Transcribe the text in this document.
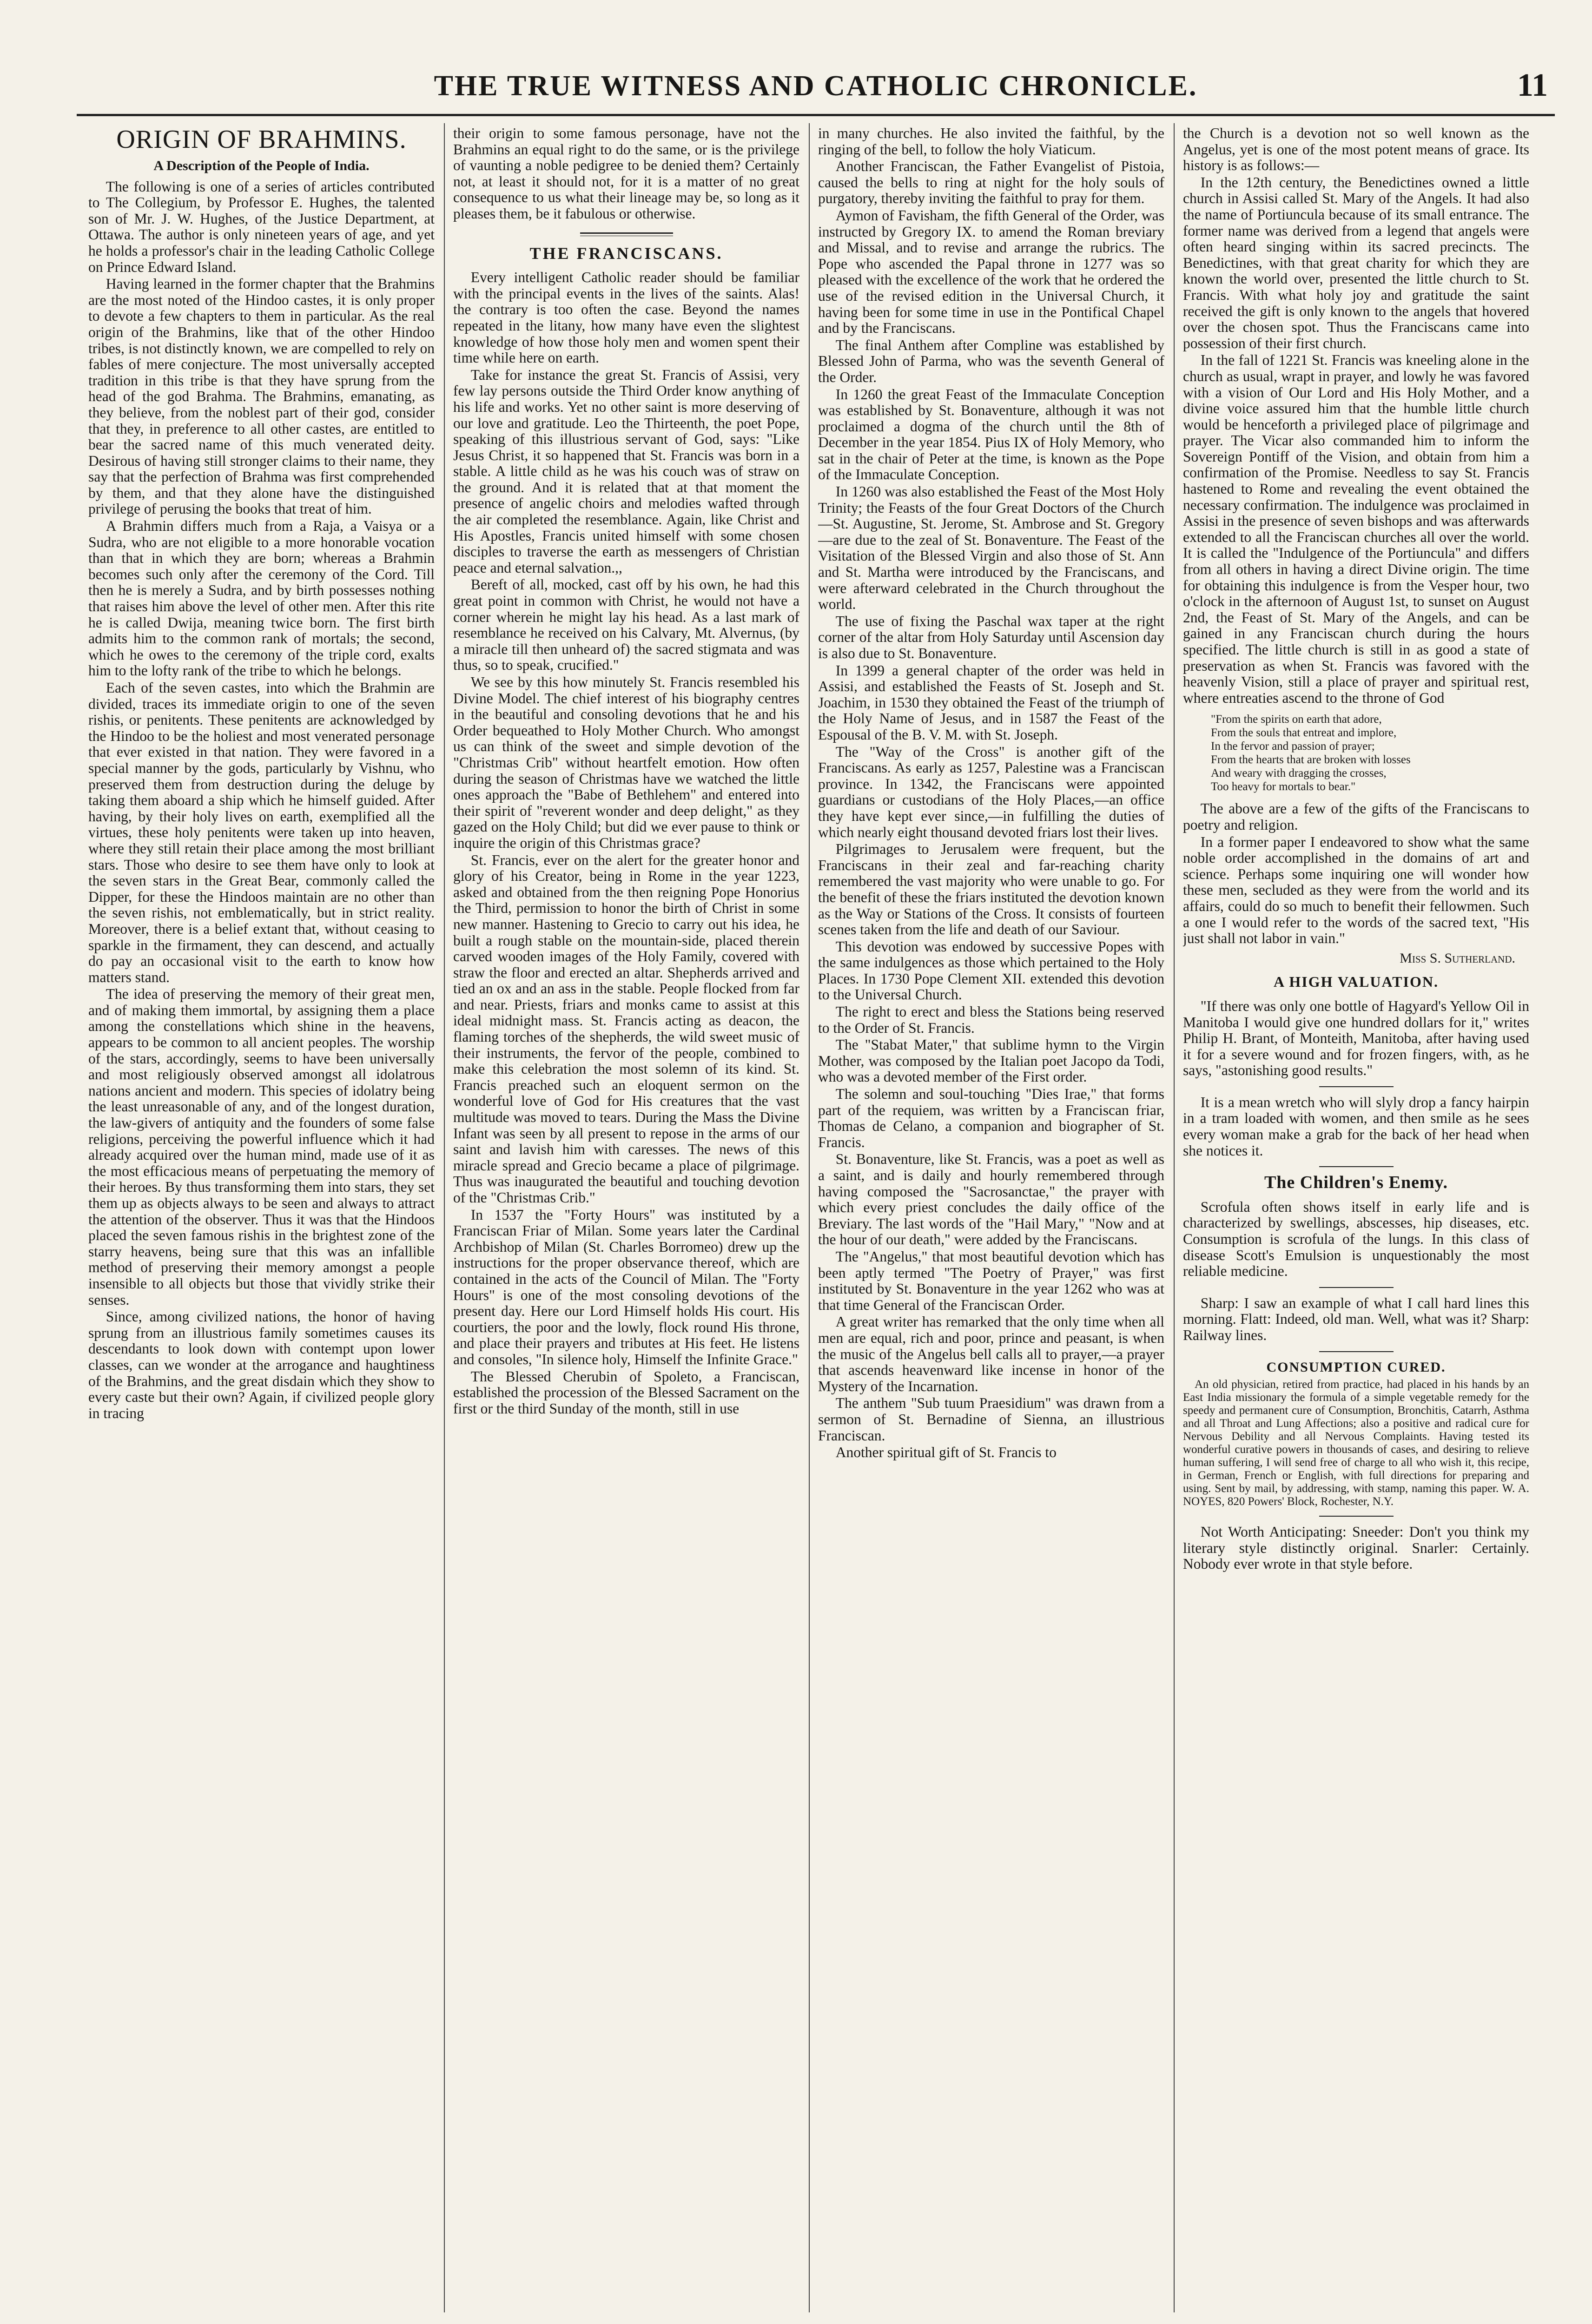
THE TRUE WITNESS AND CATHOLIC CHRONICLE.	11
ORIGIN OF BRAHMINS.
A Description of the People of India.

The following is one of a series of articles contributed to The Collegium, by Professor E. Hughes, the talented son of Mr. J. W. Hughes, of the Justice Department, at Ottawa. The author is only nineteen years of age, and yet he holds a professor's chair in the leading Catholic College on Prince Edward Island.

Having learned in the former chapter that the Brahmins are the most noted of the Hindoo castes, it is only proper to devote a few chapters to them in particular. As the real origin of the Brahmins, like that of the other Hindoo tribes, is not distinctly known, we are compelled to rely on fables of mere conjecture. The most universally accepted tradition in this tribe is that they have sprung from the head of the god Brahma. The Brahmins, emanating, as they believe, from the noblest part of their god, consider that they, in preference to all other castes, are entitled to bear the sacred name of this much venerated deity. Desirous of having still stronger claims to their name, they say that the perfection of Brahma was first comprehended by them, and that they alone have the distinguished privilege of perusing the books that treat of him.

A Brahmin differs much from a Raja, a Vaisya or a Sudra, who are not eligible to a more honorable vocation than that in which they are born; whereas a Brahmin becomes such only after the ceremony of the Cord. Till then he is merely a Sudra, and by birth possesses nothing that raises him above the level of other men. After this rite he is called Dwija, meaning twice born. The first birth admits him to the common rank of mortals; the second, which he owes to the ceremony of the triple cord, exalts him to the lofty rank of the tribe to which he belongs.

Each of the seven castes, into which the Brahmin are divided, traces its immediate origin to one of the seven rishis, or penitents. These penitents are acknowledged by the Hindoo to be the holiest and most venerated personage that ever existed in that nation. They were favored in a special manner by the gods, particularly by Vishnu, who preserved them from destruction during the deluge by taking them aboard a ship which he himself guided. After having, by their holy lives on earth, exemplified all the virtues, these holy penitents were taken up into heaven, where they still retain their place among the most brilliant stars. Those who desire to see them have only to look at the seven stars in the Great Bear, commonly called the Dipper, for these the Hindoos maintain are no other than the seven rishis, not emblematically, but in strict reality. Moreover, there is a belief extant that, without ceasing to sparkle in the firmament, they can descend, and actually do pay an occasional visit to the earth to know how matters stand.

The idea of preserving the memory of their great men, and of making them immortal, by assigning them a place among the constellations which shine in the heavens, appears to be common to all ancient peoples. The worship of the stars, accordingly, seems to have been universally and most religiously observed amongst all idolatrous nations ancient and modern. This species of idolatry being the least unreasonable of any, and of the longest duration, the law-givers of antiquity and the founders of some false religions, perceiving the powerful influence which it had already acquired over the human mind, made use of it as the most efficacious means of perpetuating the memory of their heroes. By thus transforming them into stars, they set them up as objects always to be seen and always to attract the attention of the observer. Thus it was that the Hindoos placed the seven famous rishis in the brightest zone of the starry heavens, being sure that this was an infallible method of preserving their memory amongst a people insensible to all objects but those that vividly strike their senses.

Since, among civilized nations, the honor of having sprung from an illustrious family sometimes causes its descendants to look down with contempt upon lower classes, can we wonder at the arrogance and haughtiness of the Brahmins, and the great disdain which they show to every caste but their own? Again, if civilized people glory in tracing

their origin to some famous personage, have not the Brahmins an equal right to do the same, or is the privilege of vaunting a noble pedigree to be denied them? Certainly not, at least it should not, for it is a matter of no great consequence to us what their lineage may be, so long as it pleases them, be it fabulous or otherwise.

THE FRANCISCANS.

Every intelligent Catholic reader should be familiar with the principal events in the lives of the saints. Alas! the contrary is too often the case. Beyond the names repeated in the litany, how many have even the slightest knowledge of how those holy men and women spent their time while here on earth.

Take for instance the great St. Francis of Assisi, very few lay persons outside the Third Order know anything of his life and works. Yet no other saint is more deserving of our love and gratitude. Leo the Thirteenth, the poet Pope, speaking of this illustrious servant of God, says: "Like Jesus Christ, it so happened that St. Francis was born in a stable. A little child as he was his couch was of straw on the ground. And it is related that at that moment the presence of angelic choirs and melodies wafted through the air completed the resemblance. Again, like Christ and His Apostles, Francis united himself with some chosen disciples to traverse the earth as messengers of Christian peace and eternal salvation.,,

Bereft of all, mocked, cast off by his own, he had this great point in common with Christ, he would not have a corner wherein he might lay his head. As a last mark of resemblance he received on his Calvary, Mt. Alvernus, (by a miracle till then unheard of) the sacred stigmata and was thus, so to speak, crucified."

We see by this how minutely St. Francis resembled his Divine Model. The chief interest of his biography centres in the beautiful and consoling devotions that he and his Order bequeathed to Holy Mother Church. Who amongst us can think of the sweet and simple devotion of the "Christmas Crib" without heartfelt emotion. How often during the season of Christmas have we watched the little ones approach the "Babe of Bethlehem" and entered into their spirit of "reverent wonder and deep delight," as they gazed on the Holy Child; but did we ever pause to think or inquire the origin of this Christmas grace?

St. Francis, ever on the alert for the greater honor and glory of his Creator, being in Rome in the year 1223, asked and obtained from the then reigning Pope Honorius the Third, permission to honor the birth of Christ in some new manner. Hastening to Grecio to carry out his idea, he built a rough stable on the mountain-side, placed therein carved wooden images of the Holy Family, covered with straw the floor and erected an altar. Shepherds arrived and tied an ox and an ass in the stable. People flocked from far and near. Priests, friars and monks came to assist at this ideal midnight mass. St. Francis acting as deacon, the flaming torches of the shepherds, the wild sweet music of their instruments, the fervor of the people, combined to make this celebration the most solemn of its kind. St. Francis preached such an eloquent sermon on the wonderful love of God for His creatures that the vast multitude was moved to tears. During the Mass the Divine Infant was seen by all present to repose in the arms of our saint and lavish him with caresses. The news of this miracle spread and Grecio became a place of pilgrimage. Thus was inaugurated the beautiful and touching devotion of the "Christmas Crib."

In 1537 the "Forty Hours" was instituted by a Franciscan Friar of Milan. Some years later the Cardinal Archbishop of Milan (St. Charles Borromeo) drew up the instructions for the proper observance thereof, which are contained in the acts of the Council of Milan. The "Forty Hours" is one of the most consoling devotions of the present day. Here our Lord Himself holds His court. His courtiers, the poor and the lowly, flock round His throne, and place their prayers and tributes at His feet. He listens and consoles, "In silence holy, Himself the Infinite Grace."

The Blessed Cherubin of Spoleto, a Franciscan, established the procession of the Blessed Sacrament on the first or the third Sunday of the month, still in use

in many churches. He also invited the faithful, by the ringing of the bell, to follow the holy Viaticum.

Another Franciscan, the Father Evangelist of Pistoia, caused the bells to ring at night for the holy souls of purgatory, thereby inviting the faithful to pray for them.

Aymon of Favisham, the fifth General of the Order, was instructed by Gregory IX. to amend the Roman breviary and Missal, and to revise and arrange the rubrics. The Pope who ascended the Papal throne in 1277 was so pleased with the excellence of the work that he ordered the use of the revised edition in the Universal Church, it having been for some time in use in the Pontifical Chapel and by the Franciscans.

The final Anthem after Compline was established by Blessed John of Parma, who was the seventh General of the Order.

In 1260 the great Feast of the Immaculate Conception was established by St. Bonaventure, although it was not proclaimed a dogma of the church until the 8th of December in the year 1854. Pius IX of Holy Memory, who sat in the chair of Peter at the time, is known as the Pope of the Immaculate Conception.

In 1260 was also established the Feast of the Most Holy Trinity; the Feasts of the four Great Doctors of the Church—St. Augustine, St. Jerome, St. Ambrose and St. Gregory—are due to the zeal of St. Bonaventure. The Feast of the Visitation of the Blessed Virgin and also those of St. Ann and St. Martha were introduced by the Franciscans, and were afterward celebrated in the Church throughout the world.

The use of fixing the Paschal wax taper at the right corner of the altar from Holy Saturday until Ascension day is also due to St. Bonaventure.

In 1399 a general chapter of the order was held in Assisi, and established the Feasts of St. Joseph and St. Joachim, in 1530 they obtained the Feast of the triumph of the Holy Name of Jesus, and in 1587 the Feast of the Espousal of the B. V. M. with St. Joseph.

The "Way of the Cross" is another gift of the Franciscans. As early as 1257, Palestine was a Franciscan province. In 1342, the Franciscans were appointed guardians or custodians of the Holy Places,—an office they have kept ever since,—in fulfilling the duties of which nearly eight thousand devoted friars lost their lives.

Pilgrimages to Jerusalem were frequent, but the Franciscans in their zeal and far-reaching charity remembered the vast majority who were unable to go. For the benefit of these the friars instituted the devotion known as the Way or Stations of the Cross. It consists of fourteen scenes taken from the life and death of our Saviour.

This devotion was endowed by successive Popes with the same indulgences as those which pertained to the Holy Places. In 1730 Pope Clement XII. extended this devotion to the Universal Church.

The right to erect and bless the Stations being reserved to the Order of St. Francis.

The "Stabat Mater," that sublime hymn to the Virgin Mother, was composed by the Italian poet Jacopo da Todi, who was a devoted member of the First order.

The solemn and soul-touching "Dies Irae," that forms part of the requiem, was written by a Franciscan friar, Thomas de Celano, a companion and biographer of St. Francis.

St. Bonaventure, like St. Francis, was a poet as well as a saint, and is daily and hourly remembered through having composed the "Sacrosanctae," the prayer with which every priest concludes the daily office of the Breviary. The last words of the "Hail Mary," "Now and at the hour of our death," were added by the Franciscans.

The "Angelus," that most beautiful devotion which has been aptly termed "The Poetry of Prayer," was first instituted by St. Bonaventure in the year 1262 who was at that time General of the Franciscan Order.

A great writer has remarked that the only time when all men are equal, rich and poor, prince and peasant, is when the music of the Angelus bell calls all to prayer,—a prayer that ascends heavenward like incense in honor of the Mystery of the Incarnation.

The anthem "Sub tuum Praesidium" was drawn from a sermon of St. Bernadine of Sienna, an illustrious Franciscan.

Another spiritual gift of St. Francis to

the Church is a devotion not so well known as the Angelus, yet is one of the most potent means of grace. Its history is as follows:—

In the 12th century, the Benedictines owned a little church in Assisi called St. Mary of the Angels. It had also the name of Portiuncula because of its small entrance. The former name was derived from a legend that angels were often heard singing within its sacred precincts. The Benedictines, with that great charity for which they are known the world over, presented the little church to St. Francis. With what holy joy and gratitude the saint received the gift is only known to the angels that hovered over the chosen spot. Thus the Franciscans came into possession of their first church.

In the fall of 1221 St. Francis was kneeling alone in the church as usual, wrapt in prayer, and lowly he was favored with a vision of Our Lord and His Holy Mother, and a divine voice assured him that the humble little church would be henceforth a privileged place of pilgrimage and prayer. The Vicar also commanded him to inform the Sovereign Pontiff of the Vision, and obtain from him a confirmation of the Promise. Needless to say St. Francis hastened to Rome and revealing the event obtained the necessary confirmation. The indulgence was proclaimed in Assisi in the presence of seven bishops and was afterwards extended to all the Franciscan churches all over the world. It is called the "Indulgence of the Portiuncula" and differs from all others in having a direct Divine origin. The time for obtaining this indulgence is from the Vesper hour, two o'clock in the afternoon of August 1st, to sunset on August 2nd, the Feast of St. Mary of the Angels, and can be gained in any Franciscan church during the hours specified. The little church is still in as good a state of preservation as when St. Francis was favored with the heavenly Vision, still a place of prayer and spiritual rest, where entreaties ascend to the throne of God

"From the spirits on earth that adore,
From the souls that entreat and implore,
In the fervor and passion of prayer;
From the hearts that are broken with losses
And weary with dragging the crosses,
Too heavy for mortals to bear."

The above are a few of the gifts of the Franciscans to poetry and religion.

In a former paper I endeavored to show what the same noble order accomplished in the domains of art and science. Perhaps some inquiring one will wonder how these men, secluded as they were from the world and its affairs, could do so much to benefit their fellowmen. Such a one I would refer to the words of the sacred text, "His just shall not labor in vain."

Miss S. Sutherland.
A HIGH VALUATION.

"If there was only one bottle of Hagyard's Yellow Oil in Manitoba I would give one hundred dollars for it," writes Philip H. Brant, of Monteith, Manitoba, after having used it for a severe wound and for frozen fingers, with, as he says, "astonishing good results."

It is a mean wretch who will slyly drop a fancy hairpin in a tram loaded with women, and then smile as he sees every woman make a grab for the back of her head when she notices it.

The Children's Enemy.

Scrofula often shows itself in early life and is characterized by swellings, abscesses, hip diseases, etc. Consumption is scrofula of the lungs. In this class of disease Scott's Emulsion is unquestionably the most reliable medicine.

Sharp: I saw an example of what I call hard lines this morning. Flatt: Indeed, old man. Well, what was it? Sharp: Railway lines.

CONSUMPTION CURED.

An old physician, retired from practice, had placed in his hands by an East India missionary the formula of a simple vegetable remedy for the speedy and permanent cure of Consumption, Bronchitis, Catarrh, Asthma and all Throat and Lung Affections; also a positive and radical cure for Nervous Debility and all Nervous Complaints. Having tested its wonderful curative powers in thousands of cases, and desiring to relieve human suffering, I will send free of charge to all who wish it, this recipe, in German, French or English, with full directions for preparing and using. Sent by mail, by addressing, with stamp, naming this paper. W. A. NOYES, 820 Powers' Block, Rochester, N.Y.

Not Worth Anticipating: Sneeder: Don't you think my literary style distinctly original. Snarler: Certainly. Nobody ever wrote in that style before.
